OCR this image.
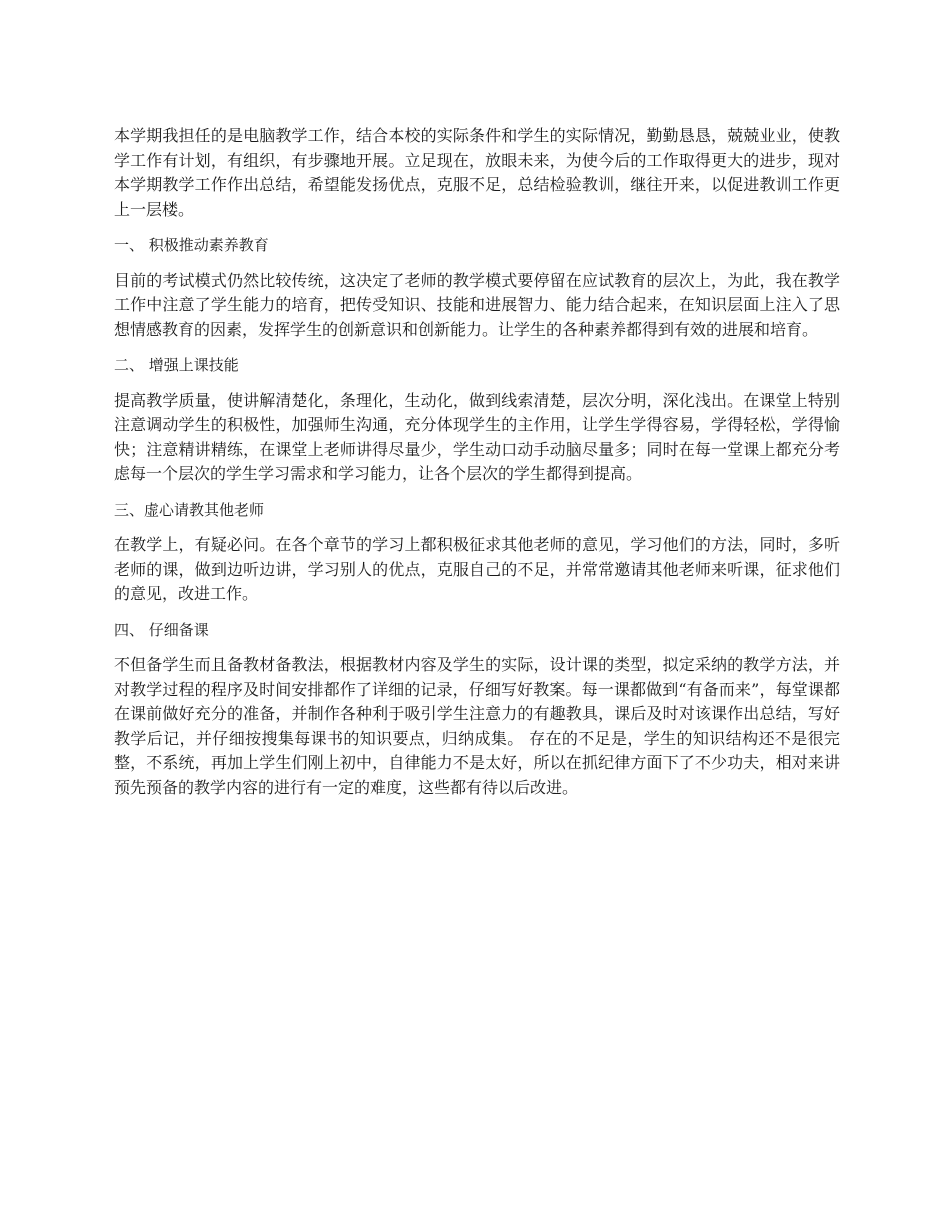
本学期我担任的是电脑教学工作，结合本校的实际条件和学生的实际情况，勤勤恳恳，兢兢业业，使教学工作有计划，有组织，有步骤地开展。立足现在，放眼未来，为使今后的工作取得更大的进步，现对本学期教学工作作出总结，希望能发扬优点，克服不足，总结检验教训，继往开来，以促进教训工作更上一层楼。

一、 积极推动素养教育

目前的考试模式仍然比较传统，这决定了老师的教学模式要停留在应试教育的层次上，为此，我在教学工作中注意了学生能力的培育，把传受知识、技能和进展智力、能力结合起来，在知识层面上注入了思想情感教育的因素，发挥学生的创新意识和创新能力。让学生的各种素养都得到有效的进展和培育。

二、 增强上课技能

提高教学质量，使讲解清楚化，条理化，生动化，做到线索清楚，层次分明，深化浅出。在课堂上特别注意调动学生的积极性，加强师生沟通，充分体现学生的主作用，让学生学得容易，学得轻松，学得愉快；注意精讲精练，在课堂上老师讲得尽量少，学生动口动手动脑尽量多；同时在每一堂课上都充分考虑每一个层次的学生学习需求和学习能力，让各个层次的学生都得到提高。

三、虚心请教其他老师

在教学上，有疑必问。在各个章节的学习上都积极征求其他老师的意见，学习他们的方法，同时，多听老师的课，做到边听边讲，学习别人的优点，克服自己的不足，并常常邀请其他老师来听课，征求他们的意见，改进工作。

四、 仔细备课

不但备学生而且备教材备教法，根据教材内容及学生的实际，设计课的类型，拟定采纳的教学方法，并对教学过程的程序及时间安排都作了详细的记录，仔细写好教案。每一课都做到“有备而来”，每堂课都在课前做好充分的准备，并制作各种利于吸引学生注意力的有趣教具，课后及时对该课作出总结，写好教学后记，并仔细按搜集每课书的知识要点，归纳成集。 存在的不足是，学生的知识结构还不是很完整，不系统，再加上学生们刚上初中，自律能力不是太好，所以在抓纪律方面下了不少功夫，相对来讲预先预备的教学内容的进行有一定的难度，这些都有待以后改进。
